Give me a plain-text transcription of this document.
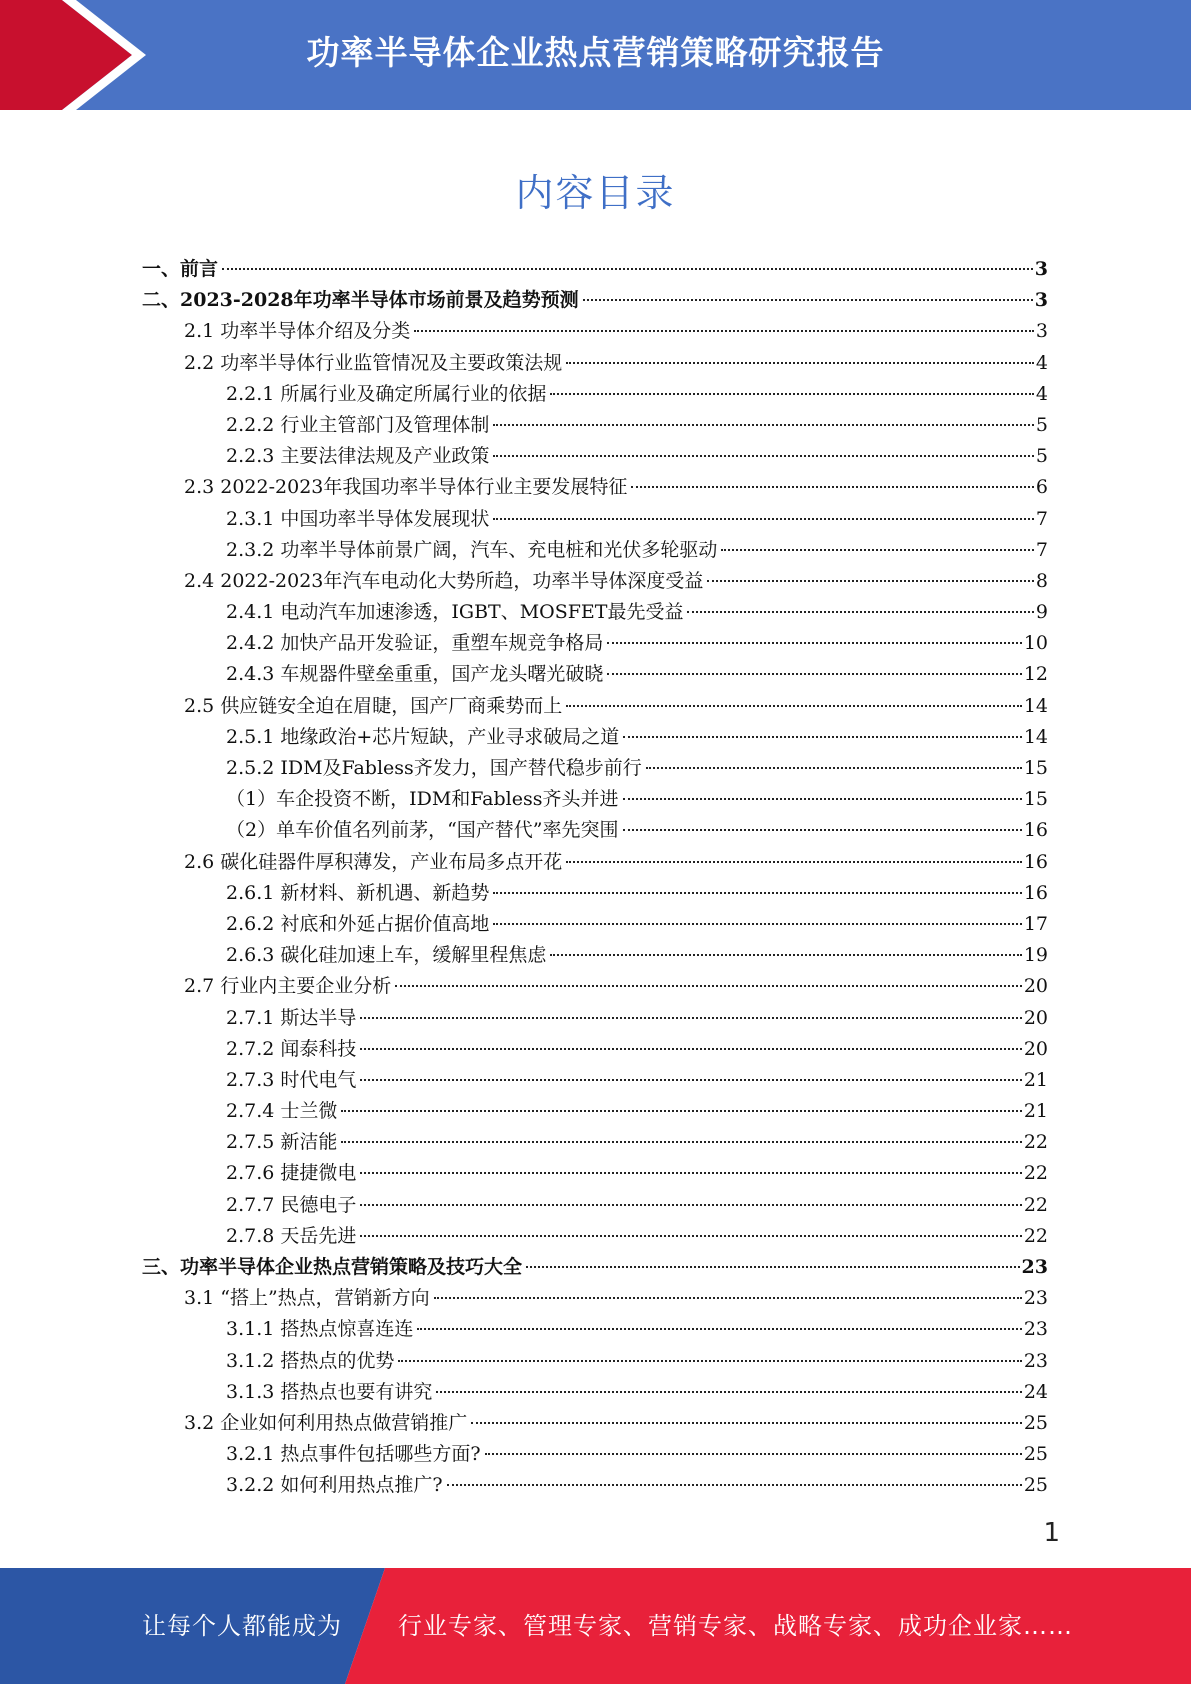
功率半导体企业热点营销策略研究报告
内容目录
一、前言	3
二、2023-2028年功率半导体市场前景及趋势预测	3
2.1 功率半导体介绍及分类	3
2.2 功率半导体行业监管情况及主要政策法规	4
2.2.1 所属行业及确定所属行业的依据	4
2.2.2 行业主管部门及管理体制	5
2.2.3 主要法律法规及产业政策	5
2.3 2022-2023年我国功率半导体行业主要发展特征	6
2.3.1 中国功率半导体发展现状	7
2.3.2 功率半导体前景广阔，汽车、充电桩和光伏多轮驱动	7
2.4 2022-2023年汽车电动化大势所趋，功率半导体深度受益	8
2.4.1 电动汽车加速渗透，IGBT、MOSFET最先受益	9
2.4.2 加快产品开发验证，重塑车规竞争格局	10
2.4.3 车规器件壁垒重重，国产龙头曙光破晓	12
2.5 供应链安全迫在眉睫，国产厂商乘势而上	14
2.5.1 地缘政治+芯片短缺，产业寻求破局之道	14
2.5.2 IDM及Fabless齐发力，国产替代稳步前行	15
（1）车企投资不断，IDM和Fabless齐头并进	15
（2）单车价值名列前茅，“国产替代”率先突围	16
2.6 碳化硅器件厚积薄发，产业布局多点开花	16
2.6.1 新材料、新机遇、新趋势	16
2.6.2 衬底和外延占据价值高地	17
2.6.3 碳化硅加速上车，缓解里程焦虑	19
2.7 行业内主要企业分析	20
2.7.1 斯达半导	20
2.7.2 闻泰科技	20
2.7.3 时代电气	21
2.7.4 士兰微	21
2.7.5 新洁能	22
2.7.6 捷捷微电	22
2.7.7 民德电子	22
2.7.8 天岳先进	22
三、功率半导体企业热点营销策略及技巧大全	23
3.1 “搭上”热点，营销新方向	23
3.1.1 搭热点惊喜连连	23
3.1.2 搭热点的优势	23
3.1.3 搭热点也要有讲究	24
3.2 企业如何利用热点做营销推广	25
3.2.1 热点事件包括哪些方面?	25
3.2.2 如何利用热点推广?	25
1
让每个人都能成为 行业专家、管理专家、营销专家、战略专家、成功企业家……
